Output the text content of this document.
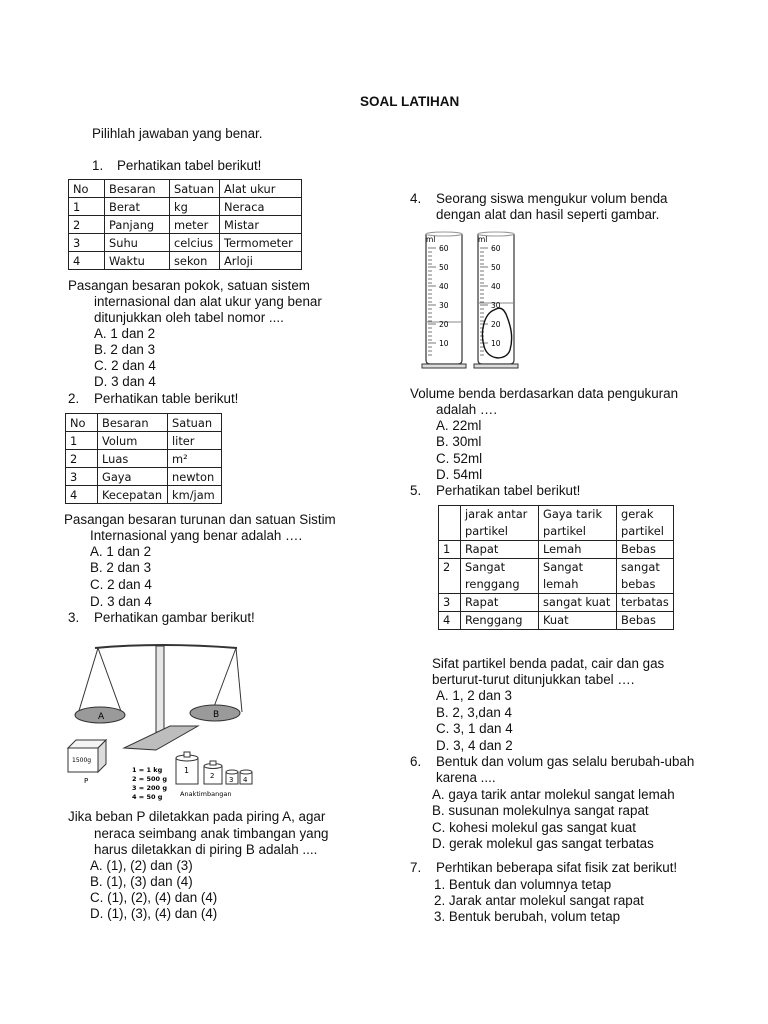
SOAL LATIHAN
Pilihlah jawaban yang benar.
1. Perhatikan tabel berikut!
No	Besaran	Satuan	Alat ukur
1	Berat	kg	Neraca
2	Panjang	meter	Mistar
3	Suhu	celcius	Termometer
4	Waktu	sekon	Arloji
Pasangan besaran pokok, satuan sistem
internasional dan alat ukur yang benar
ditunjukkan oleh tabel nomor ....
A. 1 dan 2
B. 2 dan 3
C. 2 dan 4
D. 3 dan 4
2. Perhatikan table berikut!
No	Besaran	Satuan
1	Volum	liter
2	Luas	m²
3	Gaya	newton
4	Kecepatan	km/jam
Pasangan besaran turunan dan satuan Sistim
Internasional yang benar adalah ….
A. 1 dan 2
B. 2 dan 3
C. 2 dan 4
D. 3 dan 4
3. Perhatikan gambar berikut!
A	B
1500g
P
1 = 1 kg
2 = 500 g
3 = 200 g
4 = 50 g
1
2 3 4
Anaktimbangan
Jika beban P diletakkan pada piring A, agar
neraca seimbang anak timbangan yang
harus diletakkan di piring B adalah ....
A. (1), (2) dan (3)
B. (1), (3) dan (4)
C. (1), (2), (4) dan (4)
D. (1), (3), (4) dan (4)
4. Seorang siswa mengukur volum benda
dengan alat dan hasil seperti gambar.
ml
60
50
40
30
20
10
ml
60
50
40
30
20
10
Volume benda berdasarkan data pengukuran
adalah ….
A. 22ml
B. 30ml
C. 52ml
D. 54ml
5. Perhatikan tabel berikut!
	jarak antar partikel	Gaya tarik partikel	gerak partikel
1	Rapat	Lemah	Bebas
2	Sangat renggang	Sangat lemah	sangat bebas
3	Rapat	sangat kuat	terbatas
4	Renggang	Kuat	Bebas
Sifat partikel benda padat, cair dan gas
berturut-turut ditunjukkan tabel ….
A. 1, 2 dan 3
B. 2, 3,dan 4
C. 3, 1 dan 4
D. 3, 4 dan 2
6. Bentuk dan volum gas selalu berubah-ubah
karena ....
A. gaya tarik antar molekul sangat lemah
B. susunan molekulnya sangat rapat
C. kohesi molekul gas sangat kuat
D. gerak molekul gas sangat terbatas
7. Perhtikan beberapa sifat fisik zat berikut!
1. Bentuk dan volumnya tetap
2. Jarak antar molekul sangat rapat
3. Bentuk berubah, volum tetap
